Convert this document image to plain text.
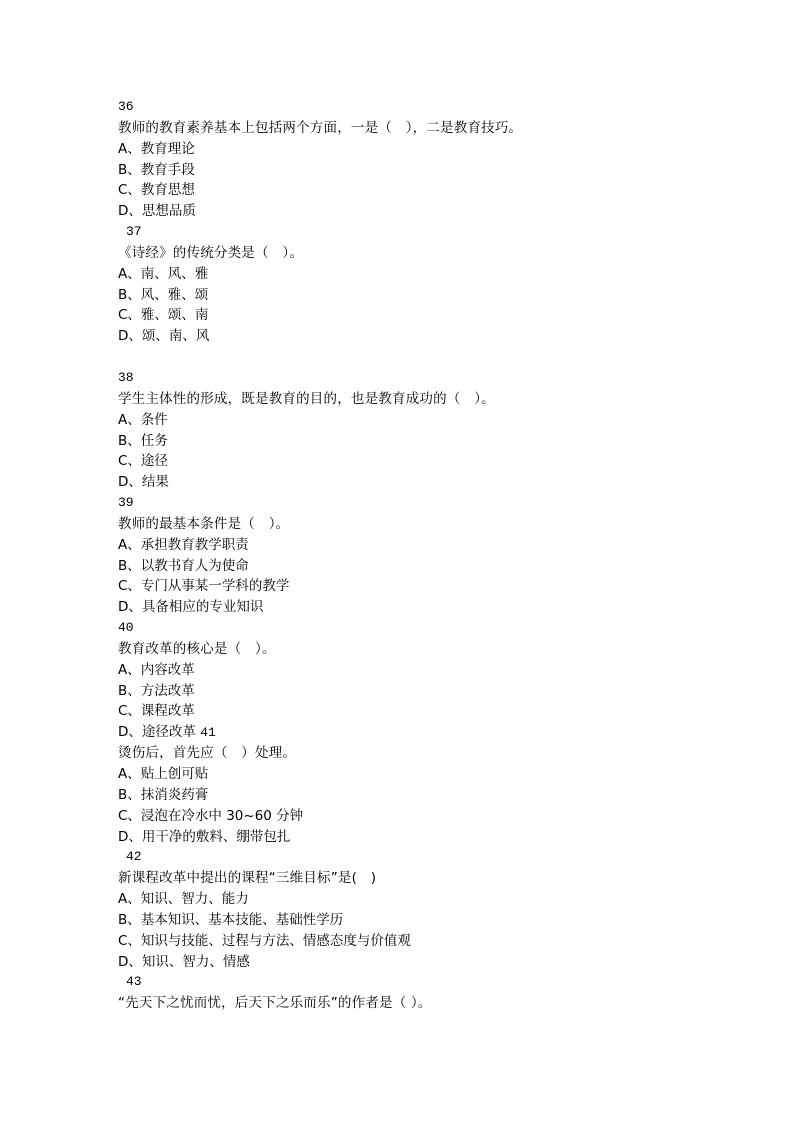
36
教师的教育素养基本上包括两个方面，一是（　），二是教育技巧。
A、教育理论
B、教育手段
C、教育思想
D、思想品质
37
《诗经》的传统分类是（　）。
A、南、风、雅
B、风、雅、颂
C、雅、颂、南
D、颂、南、风
38
学生主体性的形成，既是教育的目的，也是教育成功的（　）。
A、条件
B、任务
C、途径
D、结果
39
教师的最基本条件是（　）。
A、承担教育教学职责
B、以教书育人为使命
C、专门从事某一学科的教学
D、具备相应的专业知识
40
教育改革的核心是（　）。
A、内容改革
B、方法改革
C、课程改革
D、途径改革 41
烫伤后，首先应（　）处理。
A、贴上创可贴
B、抹消炎药膏
C、浸泡在冷水中 30~60 分钟
D、用干净的敷料、绷带包扎
42
新课程改革中提出的课程“三维目标”是(　)
A、知识、智力、能力
B、基本知识、基本技能、基础性学历
C、知识与技能、过程与方法、情感态度与价值观
D、知识、智力、情感
43
“先天下之忧而忧，后天下之乐而乐”的作者是（ ）。
